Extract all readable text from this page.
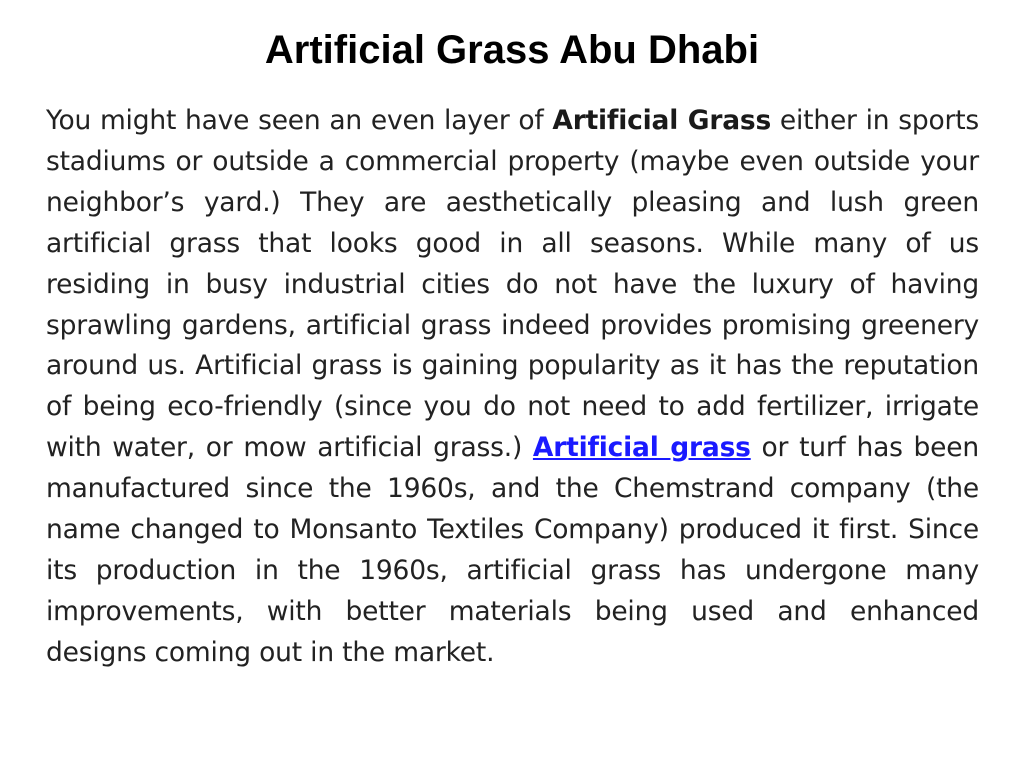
Artificial Grass Abu Dhabi

You might have seen an even layer of Artificial Grass either in sports stadiums or outside a commercial property (maybe even outside your neighbor’s yard.) They are aesthetically pleasing and lush green artificial grass that looks good in all seasons. While many of us residing in busy industrial cities do not have the luxury of having sprawling gardens, artificial grass indeed provides promising greenery around us. Artificial grass is gaining popularity as it has the reputation of being eco-friendly (since you do not need to add fertilizer, irrigate with water, or mow artificial grass.) Artificial grass or turf has been manufactured since the 1960s, and the Chemstrand company (the name changed to Monsanto Textiles Company) produced it first. Since its production in the 1960s, artificial grass has undergone many improvements, with better materials being used and enhanced designs coming out in the market.
